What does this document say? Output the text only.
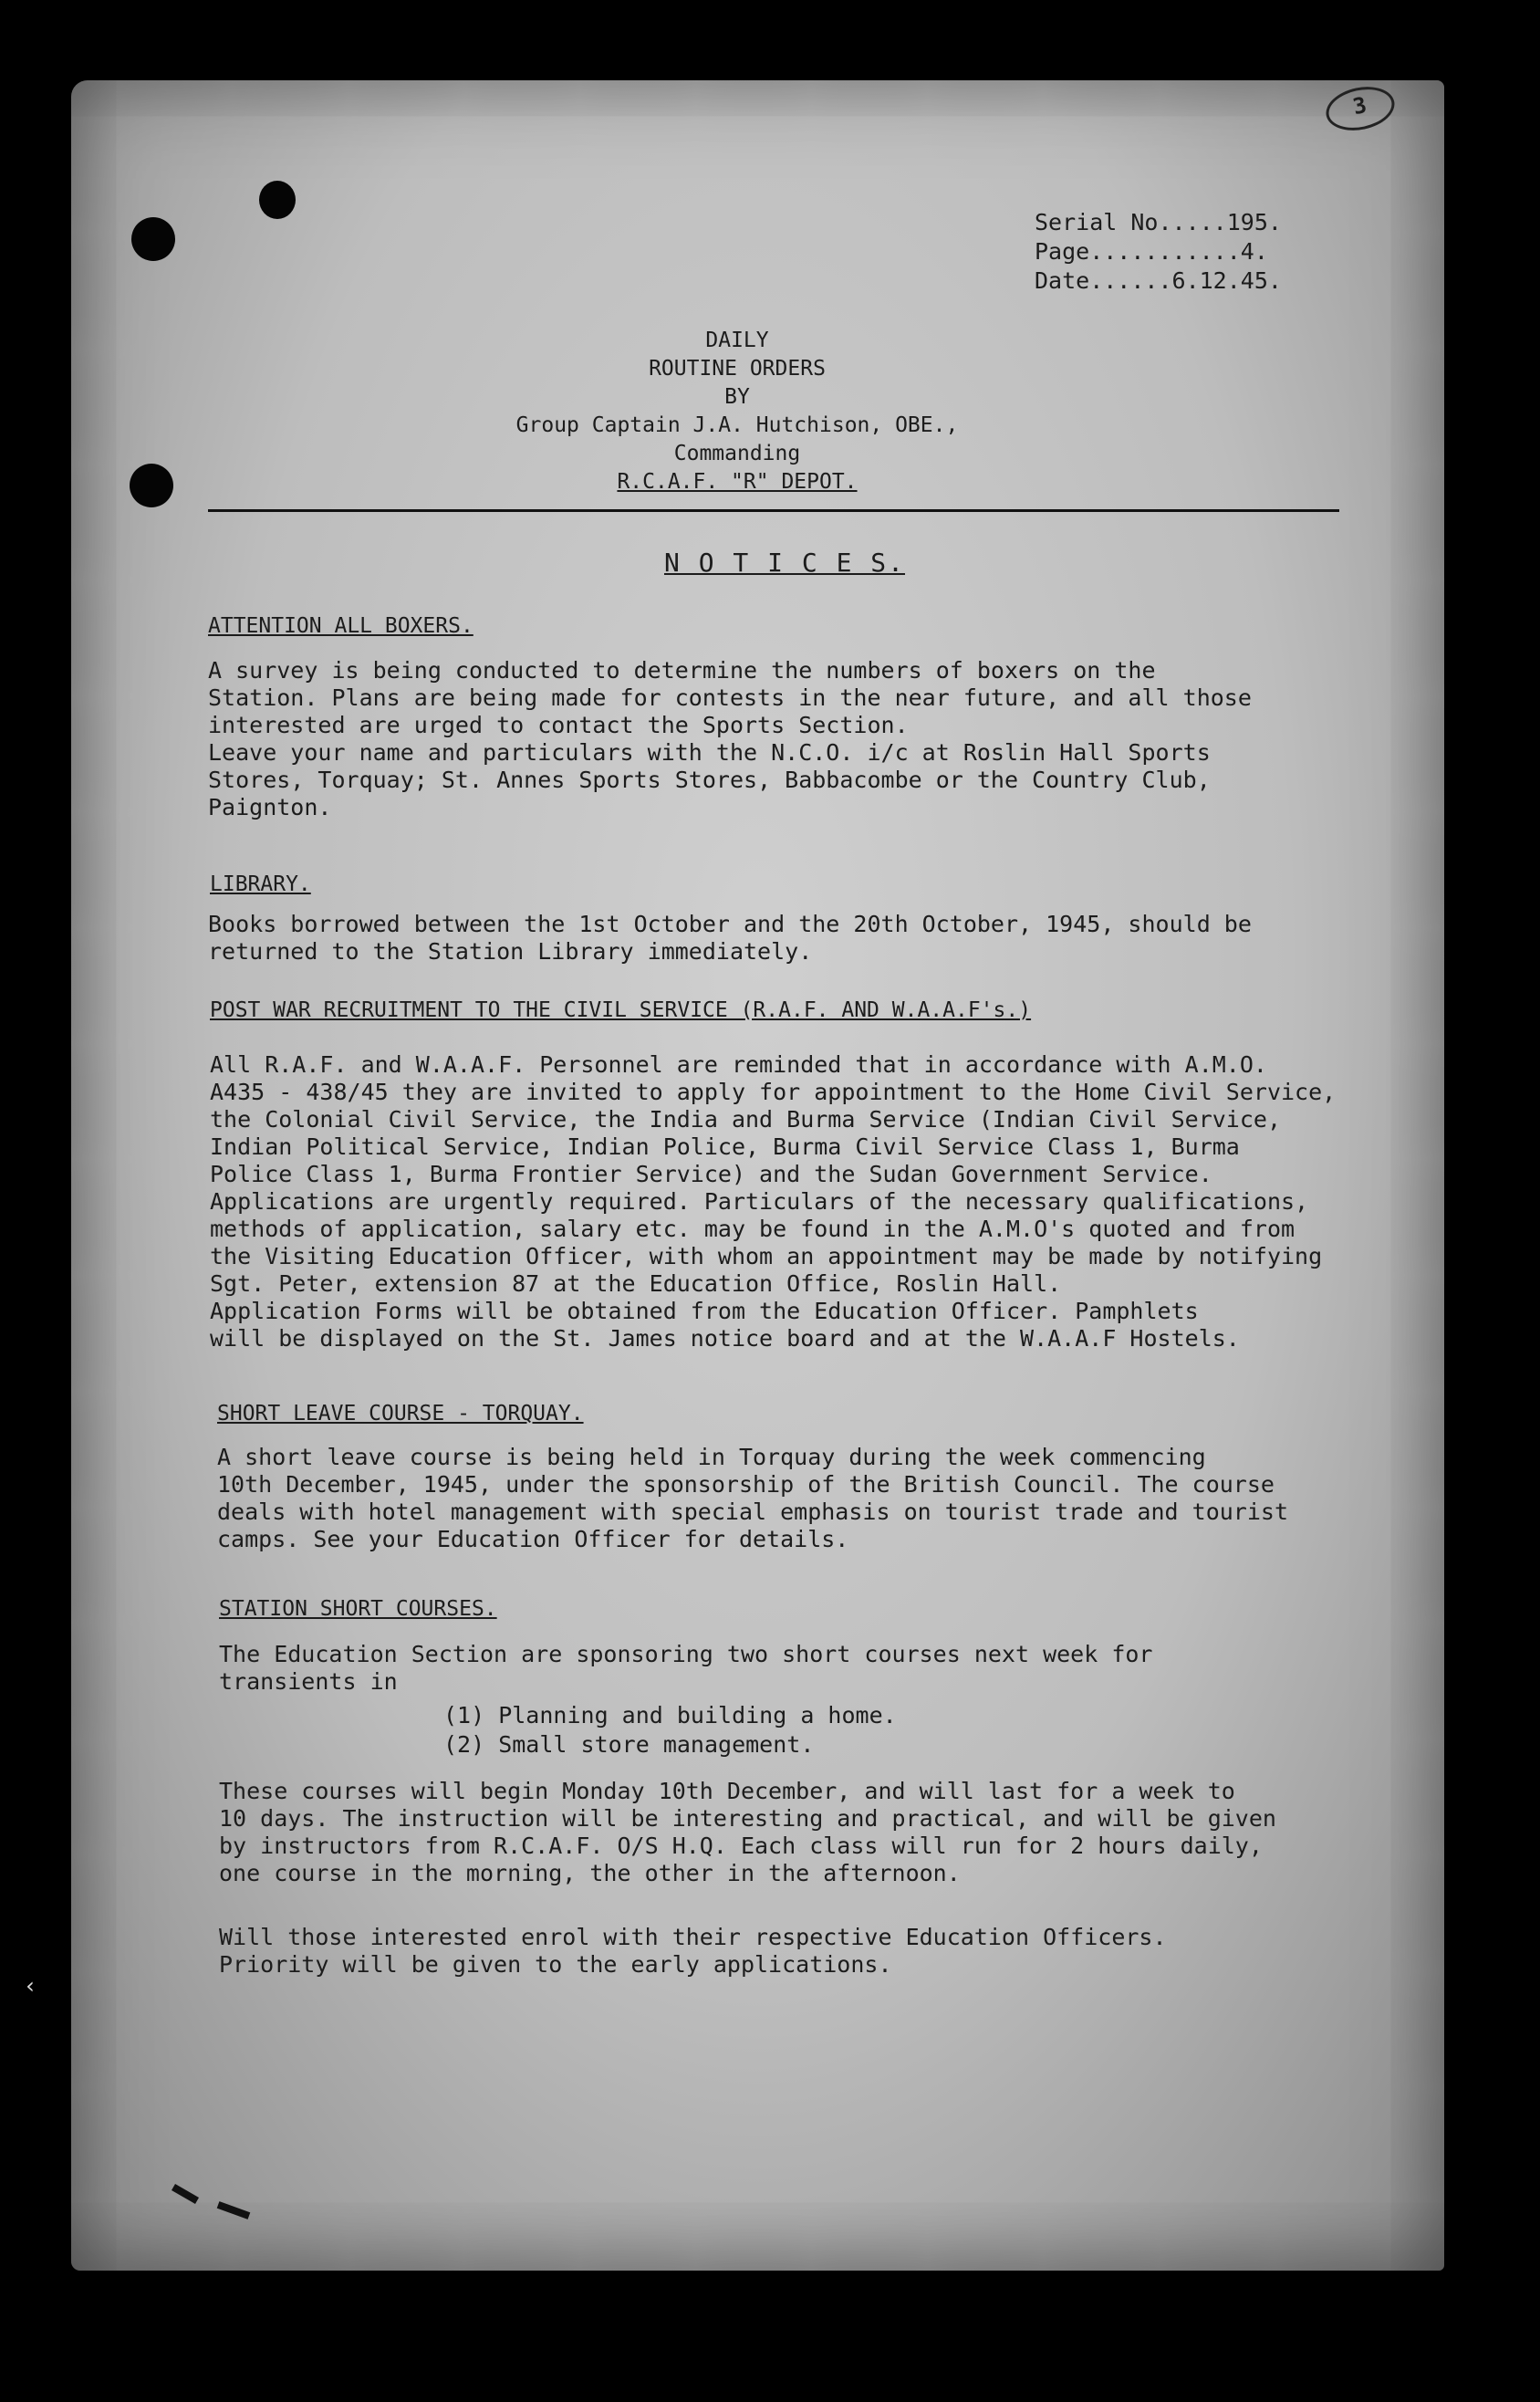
3
Serial No.....195.
Page...........4.
Date......6.12.45.
DAILY
ROUTINE ORDERS
BY
Group Captain J.A. Hutchison, OBE.,
Commanding
R.C.A.F. "R" DEPOT.
N O T I C E S.
ATTENTION ALL BOXERS.
A survey is being conducted to determine the numbers of boxers on the
Station. Plans are being made for contests in the near future, and all those
interested are urged to contact the Sports Section.
Leave your name and particulars with the N.C.O. i/c at Roslin Hall Sports
Stores, Torquay; St. Annes Sports Stores, Babbacombe or the Country Club,
Paignton.
LIBRARY.
Books borrowed between the 1st October and the 20th October, 1945, should be
returned to the Station Library immediately.
POST WAR RECRUITMENT TO THE CIVIL SERVICE (R.A.F. AND W.A.A.F's.)
All R.A.F. and W.A.A.F. Personnel are reminded that in accordance with A.M.O.
A435 - 438/45 they are invited to apply for appointment to the Home Civil Service,
the Colonial Civil Service, the India and Burma Service (Indian Civil Service,
Indian Political Service, Indian Police, Burma Civil Service Class 1, Burma
Police Class 1, Burma Frontier Service) and the Sudan Government Service.
Applications are urgently required. Particulars of the necessary qualifications,
methods of application, salary etc. may be found in the A.M.O's quoted and from
the Visiting Education Officer, with whom an appointment may be made by notifying
Sgt. Peter, extension 87 at the Education Office, Roslin Hall.
Application Forms will be obtained from the Education Officer. Pamphlets
will be displayed on the St. James notice board and at the W.A.A.F Hostels.
SHORT LEAVE COURSE - TORQUAY.
A short leave course is being held in Torquay during the week commencing
10th December, 1945, under the sponsorship of the British Council. The course
deals with hotel management with special emphasis on tourist trade and tourist
camps. See your Education Officer for details.
STATION SHORT COURSES.
The Education Section are sponsoring two short courses next week for
transients in
(1) Planning and building a home.
(2) Small store management.
These courses will begin Monday 10th December, and will last for a week to
10 days. The instruction will be interesting and practical, and will be given
by instructors from R.C.A.F. O/S H.Q. Each class will run for 2 hours daily,
one course in the morning, the other in the afternoon.
Will those interested enrol with their respective Education Officers.
Priority will be given to the early applications.
‹
